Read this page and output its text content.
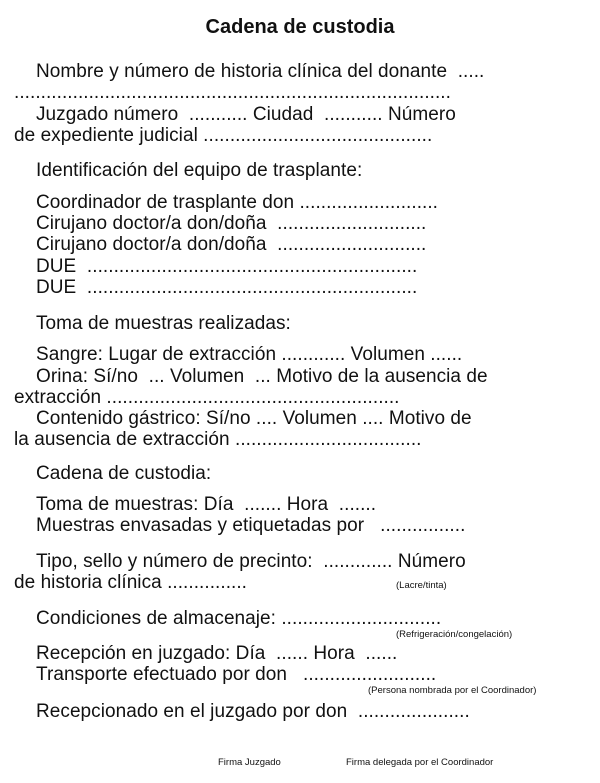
Cadena de custodia
Nombre y número de historia clínica del donante  .....
..................................................................................
Juzgado número  ........... Ciudad  ........... Número
de expediente judicial ...........................................
Identificación del equipo de trasplante:
Coordinador de trasplante don ..........................
Cirujano doctor/a don/doña  ............................
Cirujano doctor/a don/doña  ............................
DUE  ..............................................................
DUE  ..............................................................
Toma de muestras realizadas:
Sangre: Lugar de extracción ............ Volumen ......
Orina: Sí/no  ... Volumen  ... Motivo de la ausencia de
extracción .......................................................
Contenido gástrico: Sí/no .... Volumen .... Motivo de
la ausencia de extracción ...................................
Cadena de custodia:
Toma de muestras: Día  ....... Hora  .......
Muestras envasadas y etiquetadas por   ................
Tipo, sello y número de precinto:  ............. Número
de historia clínica ...............	(Lacre/tinta)
Condiciones de almacenaje: ..............................
(Refrigeración/congelación)
Recepción en juzgado: Día  ...... Hora  ......
Transporte efectuado por don   .........................
(Persona nombrada por el Coordinador)
Recepcionado en el juzgado por don  .....................
Firma Juzgado	Firma delegada por el Coordinador
